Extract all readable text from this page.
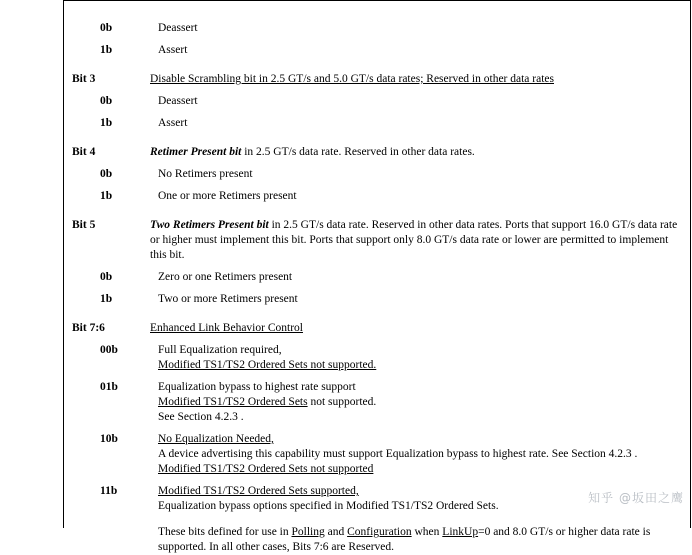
0b	Deassert
1b	Assert
Bit 3	Disable Scrambling bit in 2.5 GT/s and 5.0 GT/s data rates; Reserved in other data rates
0b	Deassert
1b	Assert
Bit 4	Retimer Present bit in 2.5 GT/s data rate. Reserved in other data rates.
0b	No Retimers present
1b	One or more Retimers present
Bit 5	Two Retimers Present bit in 2.5 GT/s data rate. Reserved in other data rates. Ports that support 16.0 GT/s data rate or higher must implement this bit. Ports that support only 8.0 GT/s data rate or lower are permitted to implement this bit.
0b	Zero or one Retimers present
1b	Two or more Retimers present
Bit 7:6	Enhanced Link Behavior Control
00b	Full Equalization required,
Modified TS1/TS2 Ordered Sets not supported.
01b	Equalization bypass to highest rate support
Modified TS1/TS2 Ordered Sets not supported.
See Section 4.2.3 .
10b	No Equalization Needed,
A device advertising this capability must support Equalization bypass to highest rate. See Section 4.2.3 .
Modified TS1/TS2 Ordered Sets not supported
11b	Modified TS1/TS2 Ordered Sets supported,
Equalization bypass options specified in Modified TS1/TS2 Ordered Sets.

These bits defined for use in Polling and Configuration when LinkUp=0 and 8.0 GT/s or higher data rate is supported. In all other cases, Bits 7:6 are Reserved.
知乎 @坂田之鹰
